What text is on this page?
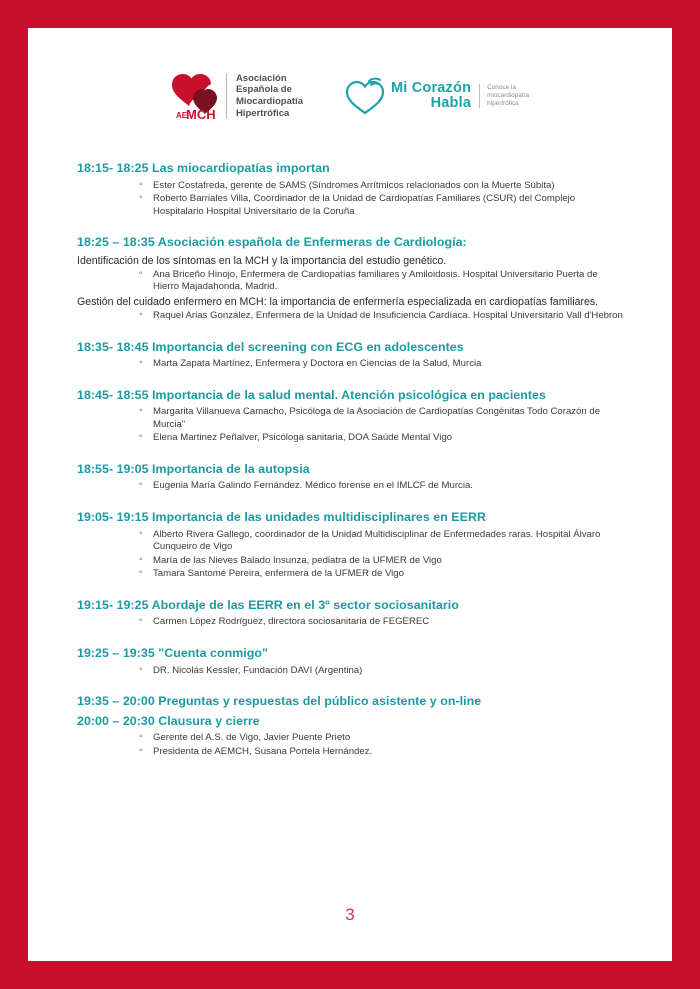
AE
MCH
Asociación
Española de
Miocardiopatía
Hipertrófica
Mi Corazón
Habla
Conoce la
miocardiopatía
hipertrófica
18:15- 18:25 Las miocardiopatías importan
◦ Ester Costafreda, gerente de SAMS (Síndromes Arrítmicos relacionados con la Muerte Súbita)
◦ Roberto Barriales Villa, Coordinador de la Unidad de Cardiopatías Familiares (CSUR) del Complejo Hospitalario Hospital Universitario de la Coruña
18:25 – 18:35 Asociación española de Enfermeras de Cardiología:

Identificación de los síntomas en la MCH y la importancia del estudio genético.

◦ Ana Briceño Hinojo, Enfermera de Cardiopatías familiares y Amiloidosis. Hospital Universitario Puerta de Hierro Majadahonda, Madrid.

Gestión del cuidado enfermero en MCH: la importancia de enfermería especializada en cardiopatías familiares.

◦ Raquel Arias González, Enfermera de la Unidad de Insuficiencia Cardíaca. Hospital Universitario Vall d'Hebron
18:35- 18:45 Importancia del screening con ECG en adolescentes
◦ Marta Zapata Martínez, Enfermera y Doctora en Ciencias de la Salud, Murcia
18:45- 18:55 Importancia de la salud mental. Atención psicológica en pacientes
◦ Margarita Villanueva Camacho, Psicóloga de la Asociación de Cardiopatías Congénitas Todo Corazón de Murcia"
◦ Elena Martinez Peñalver, Psicóloga sanitaria, DOA Saúde Mental Vigo
18:55- 19:05 Importancia de la autopsia
◦ Eugenia María Galindo Fernández. Médico forense en el IMLCF de Murcia.
19:05- 19:15 Importancia de las unidades multidisciplinares en EERR
◦ Alberto Rivera Gallego, coordinador de la Unidad Multidisciplinar de Enfermedades raras. Hospital Álvaro Cunqueiro de Vigo
◦ María de las Nieves Balado Insunza, pediatra de la UFMER de Vigo
◦ Tamara Santomé Pereira, enfermera de la UFMER de Vigo
19:15- 19:25 Abordaje de las EERR en el 3º sector sociosanitario
◦ Carmen López Rodríguez, directora sociosanitaria de FEGEREC
19:25 – 19:35 "Cuenta conmigo"
◦ DR. Nicolás Kessler, Fundación DAVI (Argentina)
19:35 – 20:00 Preguntas y respuestas del público asistente y on-line
20:00 – 20:30 Clausura y cierre
◦ Gerente del A.S. de Vigo, Javier Puente Prieto
◦ Presidenta de AEMCH, Susana Portela Hernández.
3
